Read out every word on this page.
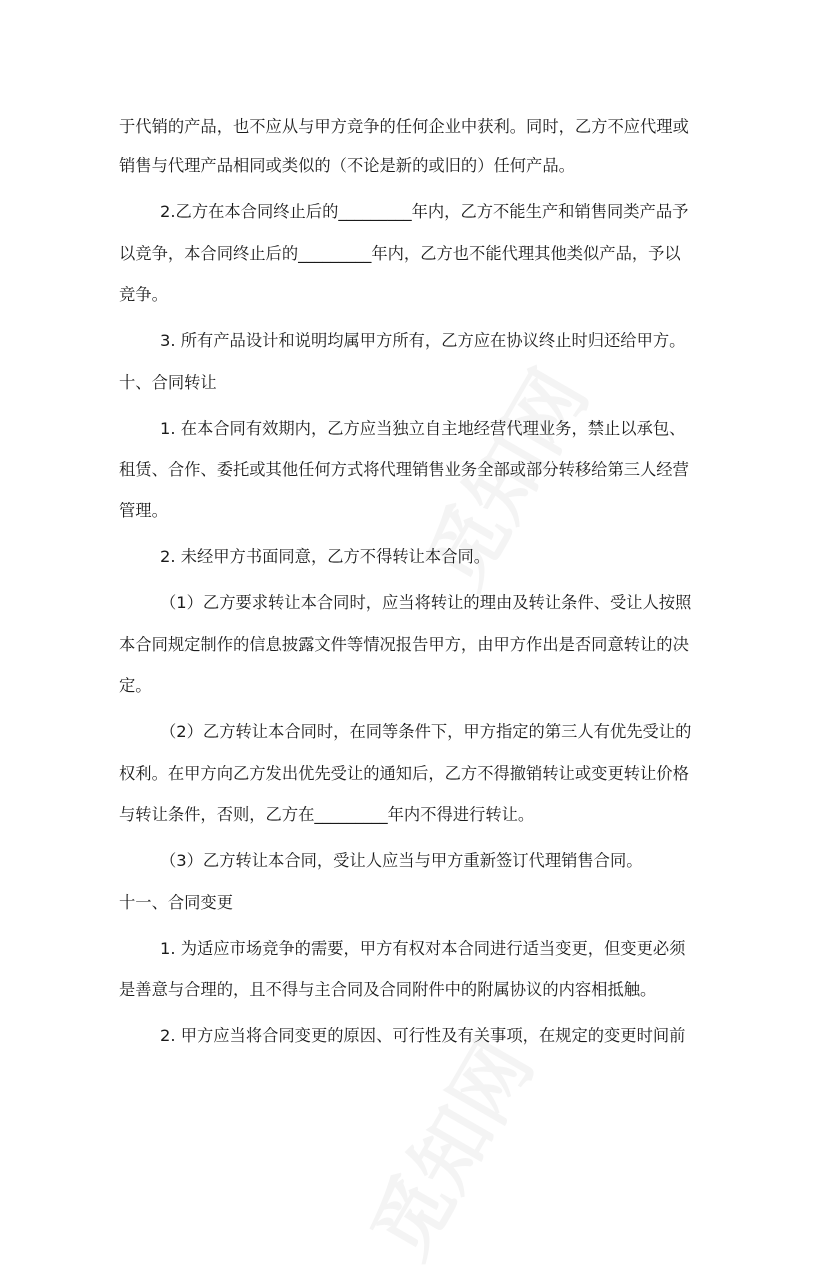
于代销的产品，也不应从与甲方竞争的任何企业中获利。同时，乙方不应代理或

销售与代理产品相同或类似的（不论是新的或旧的）任何产品。

2.乙方在本合同终止后的_________年内，乙方不能生产和销售同类产品予

以竞争，本合同终止后的_________年内，乙方也不能代理其他类似产品，予以

竞争。

3. 所有产品设计和说明均属甲方所有，乙方应在协议终止时归还给甲方。

十、合同转让

1. 在本合同有效期内，乙方应当独立自主地经营代理业务，禁止以承包、

租赁、合作、委托或其他任何方式将代理销售业务全部或部分转移给第三人经营

管理。

2. 未经甲方书面同意，乙方不得转让本合同。

（1）乙方要求转让本合同时，应当将转让的理由及转让条件、受让人按照

本合同规定制作的信息披露文件等情况报告甲方，由甲方作出是否同意转让的决

定。

（2）乙方转让本合同时，在同等条件下，甲方指定的第三人有优先受让的

权利。在甲方向乙方发出优先受让的通知后，乙方不得撤销转让或变更转让价格

与转让条件，否则，乙方在_________年内不得进行转让。

（3）乙方转让本合同，受让人应当与甲方重新签订代理销售合同。

十一、合同变更

1. 为适应市场竞争的需要，甲方有权对本合同进行适当变更，但变更必须

是善意与合理的，且不得与主合同及合同附件中的附属协议的内容相抵触。

2. 甲方应当将合同变更的原因、可行性及有关事项，在规定的变更时间前
